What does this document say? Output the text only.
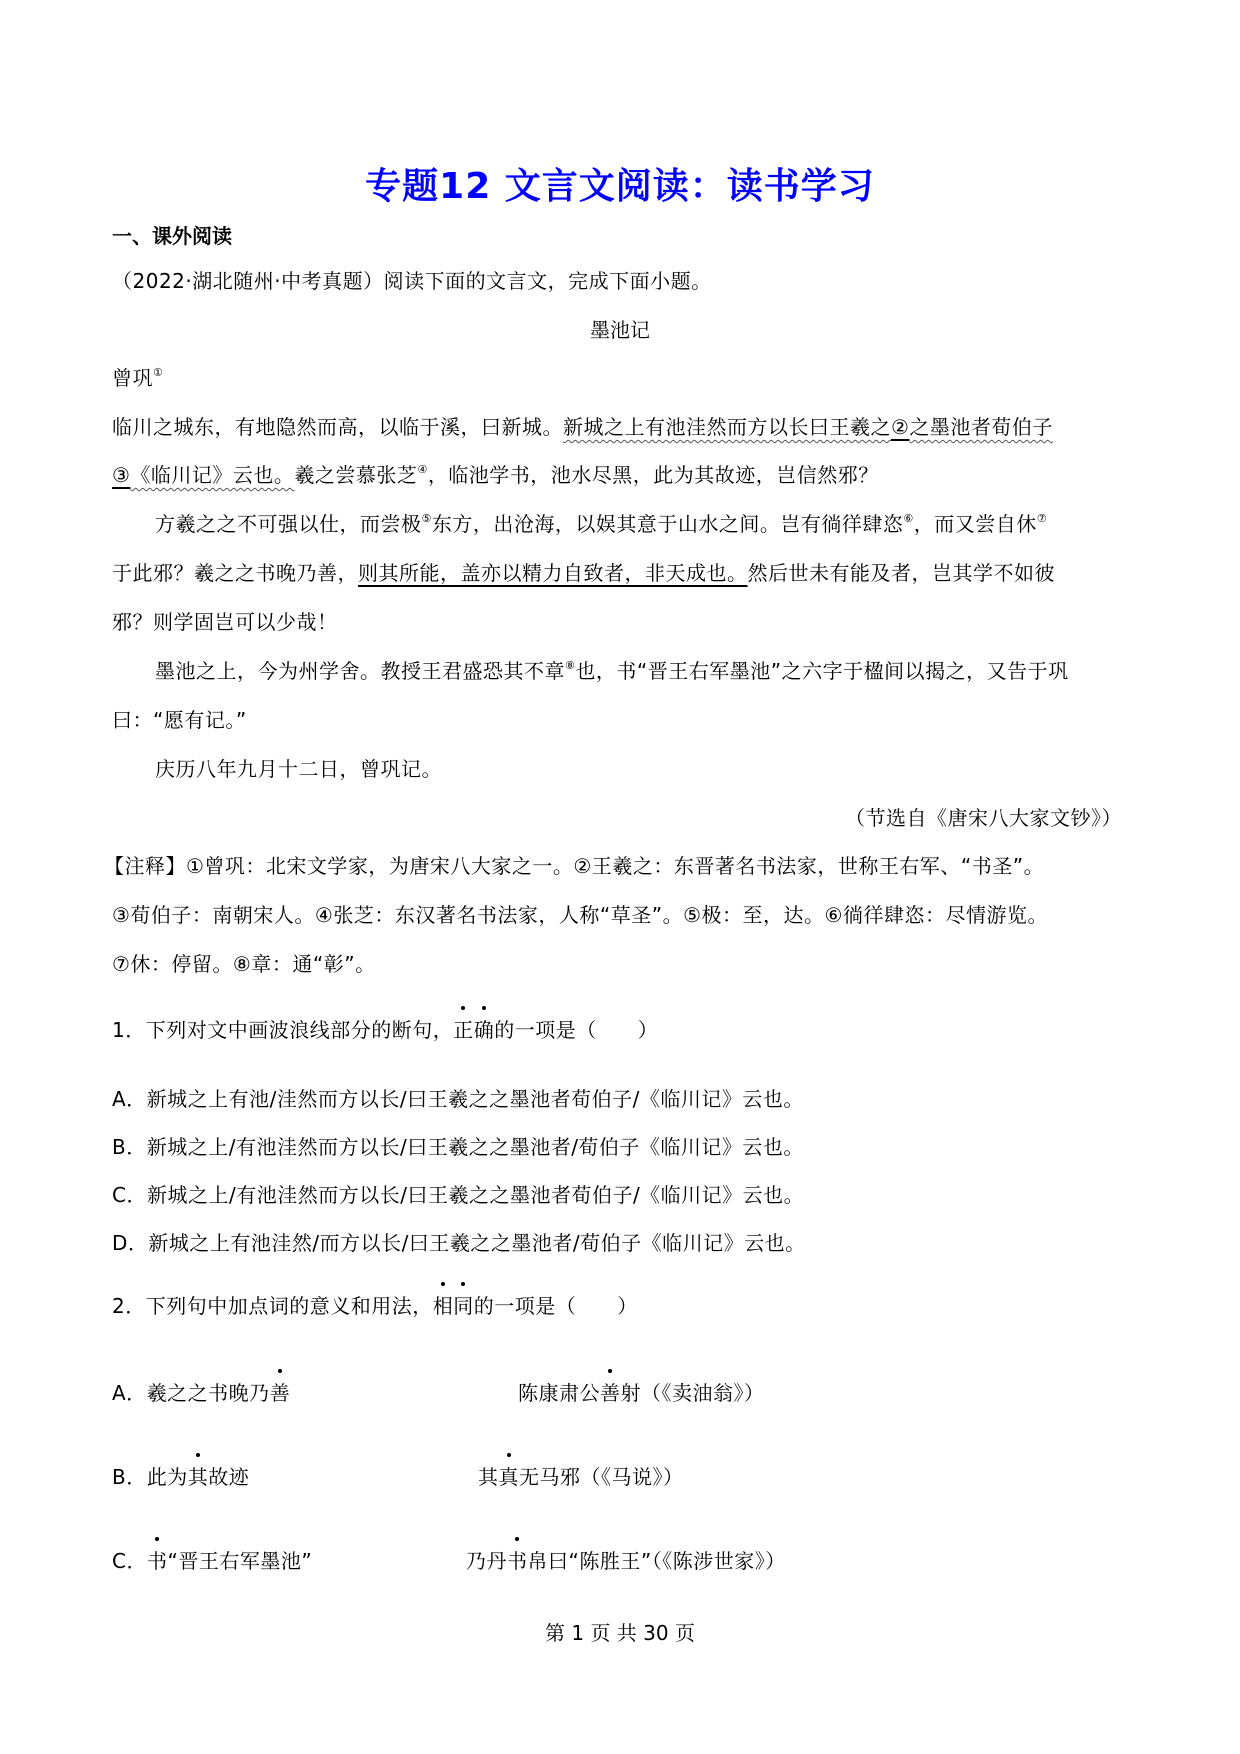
专题12 文言文阅读：读书学习
一、课外阅读
（2022·湖北随州·中考真题）阅读下面的文言文，完成下面小题。
墨池记
曾巩①
临川之城东，有地隐然而高，以临于溪，曰新城。新城之上有池洼然而方以长曰王羲之②之墨池者荀伯子
③《临川记》云也。羲之尝慕张芝④，临池学书，池水尽黑，此为其故迹，岂信然邪？
方羲之之不可强以仕，而尝极⑤东方，出沧海，以娱其意于山水之间。岂有徜徉肆恣⑥，而又尝自休⑦
于此邪？羲之之书晚乃善，则其所能，盖亦以精力自致者，非天成也。然后世未有能及者，岂其学不如彼
邪？则学固岂可以少哉！
墨池之上，今为州学舍。教授王君盛恐其不章⑧也，书“晋王右军墨池”之六字于楹间以揭之，又告于巩
曰：“愿有记。”
庆历八年九月十二日，曾巩记。
（节选自《唐宋八大家文钞》）
【注释】①曾巩：北宋文学家，为唐宋八大家之一。②王羲之：东晋著名书法家，世称王右军、“书圣”。
③荀伯子：南朝宋人。④张芝：东汉著名书法家，人称“草圣”。⑤极：至，达。⑥徜徉肆恣：尽情游览。
⑦休：停留。⑧章：通“彰”。
1．下列对文中画波浪线部分的断句，正确的一项是（　　）
A．新城之上有池/洼然而方以长/曰王羲之之墨池者荀伯子/《临川记》云也。
B．新城之上/有池洼然而方以长/曰王羲之之墨池者/荀伯子《临川记》云也。
C．新城之上/有池洼然而方以长/曰王羲之之墨池者荀伯子/《临川记》云也。
D．新城之上有池洼然/而方以长/曰王羲之之墨池者/荀伯子《临川记》云也。
2．下列句中加点词的意义和用法，相同的一项是（　　）
A．羲之之书晚乃善	陈康肃公善射（《卖油翁》）
B．此为其故迹	其真无马邪（《马说》）
C．书“晋王右军墨池”	乃丹书帛曰“陈胜王”（《陈涉世家》）
第 1 页 共 30 页
